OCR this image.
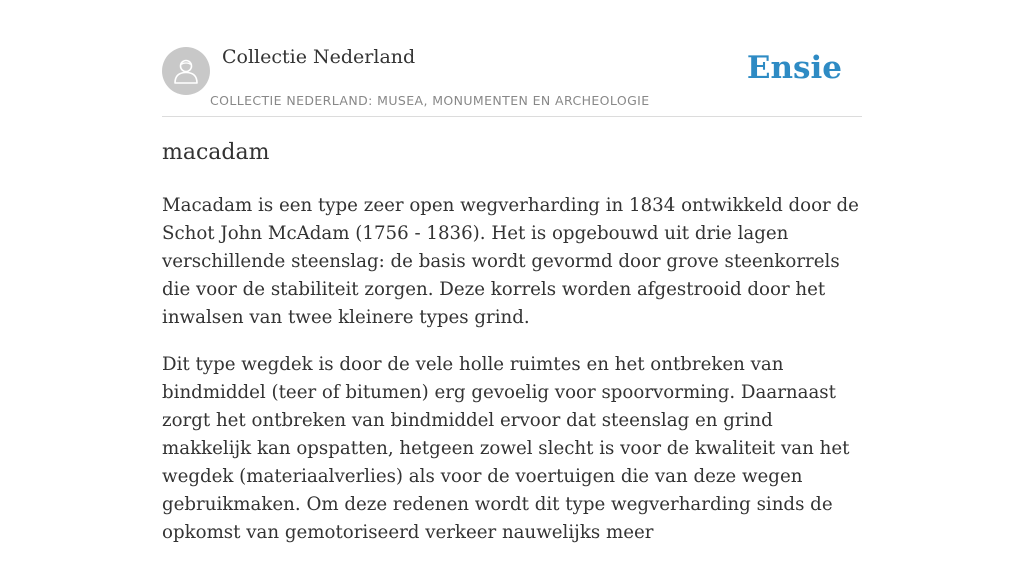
Collectie Nederland
COLLECTIE NEDERLAND: MUSEA, MONUMENTEN EN ARCHEOLOGIE
Ensie
macadam

Macadam is een type zeer open wegverharding in 1834 ontwikkeld door de Schot John McAdam (1756 - 1836). Het is opgebouwd uit drie lagen verschillende steenslag: de basis wordt gevormd door grove steenkorrels die voor de stabiliteit zorgen. Deze korrels worden afgestrooid door het inwalsen van twee kleinere types grind.

Dit type wegdek is door de vele holle ruimtes en het ontbreken van bindmiddel (teer of bitumen) erg gevoelig voor spoorvorming. Daarnaast zorgt het ontbreken van bindmiddel ervoor dat steenslag en grind makkelijk kan opspatten, hetgeen zowel slecht is voor de kwaliteit van het wegdek (materiaalverlies) als voor de voertuigen die van deze wegen gebruikmaken. Om deze redenen wordt dit type wegverharding sinds de opkomst van gemotoriseerd verkeer nauwelijks meer
